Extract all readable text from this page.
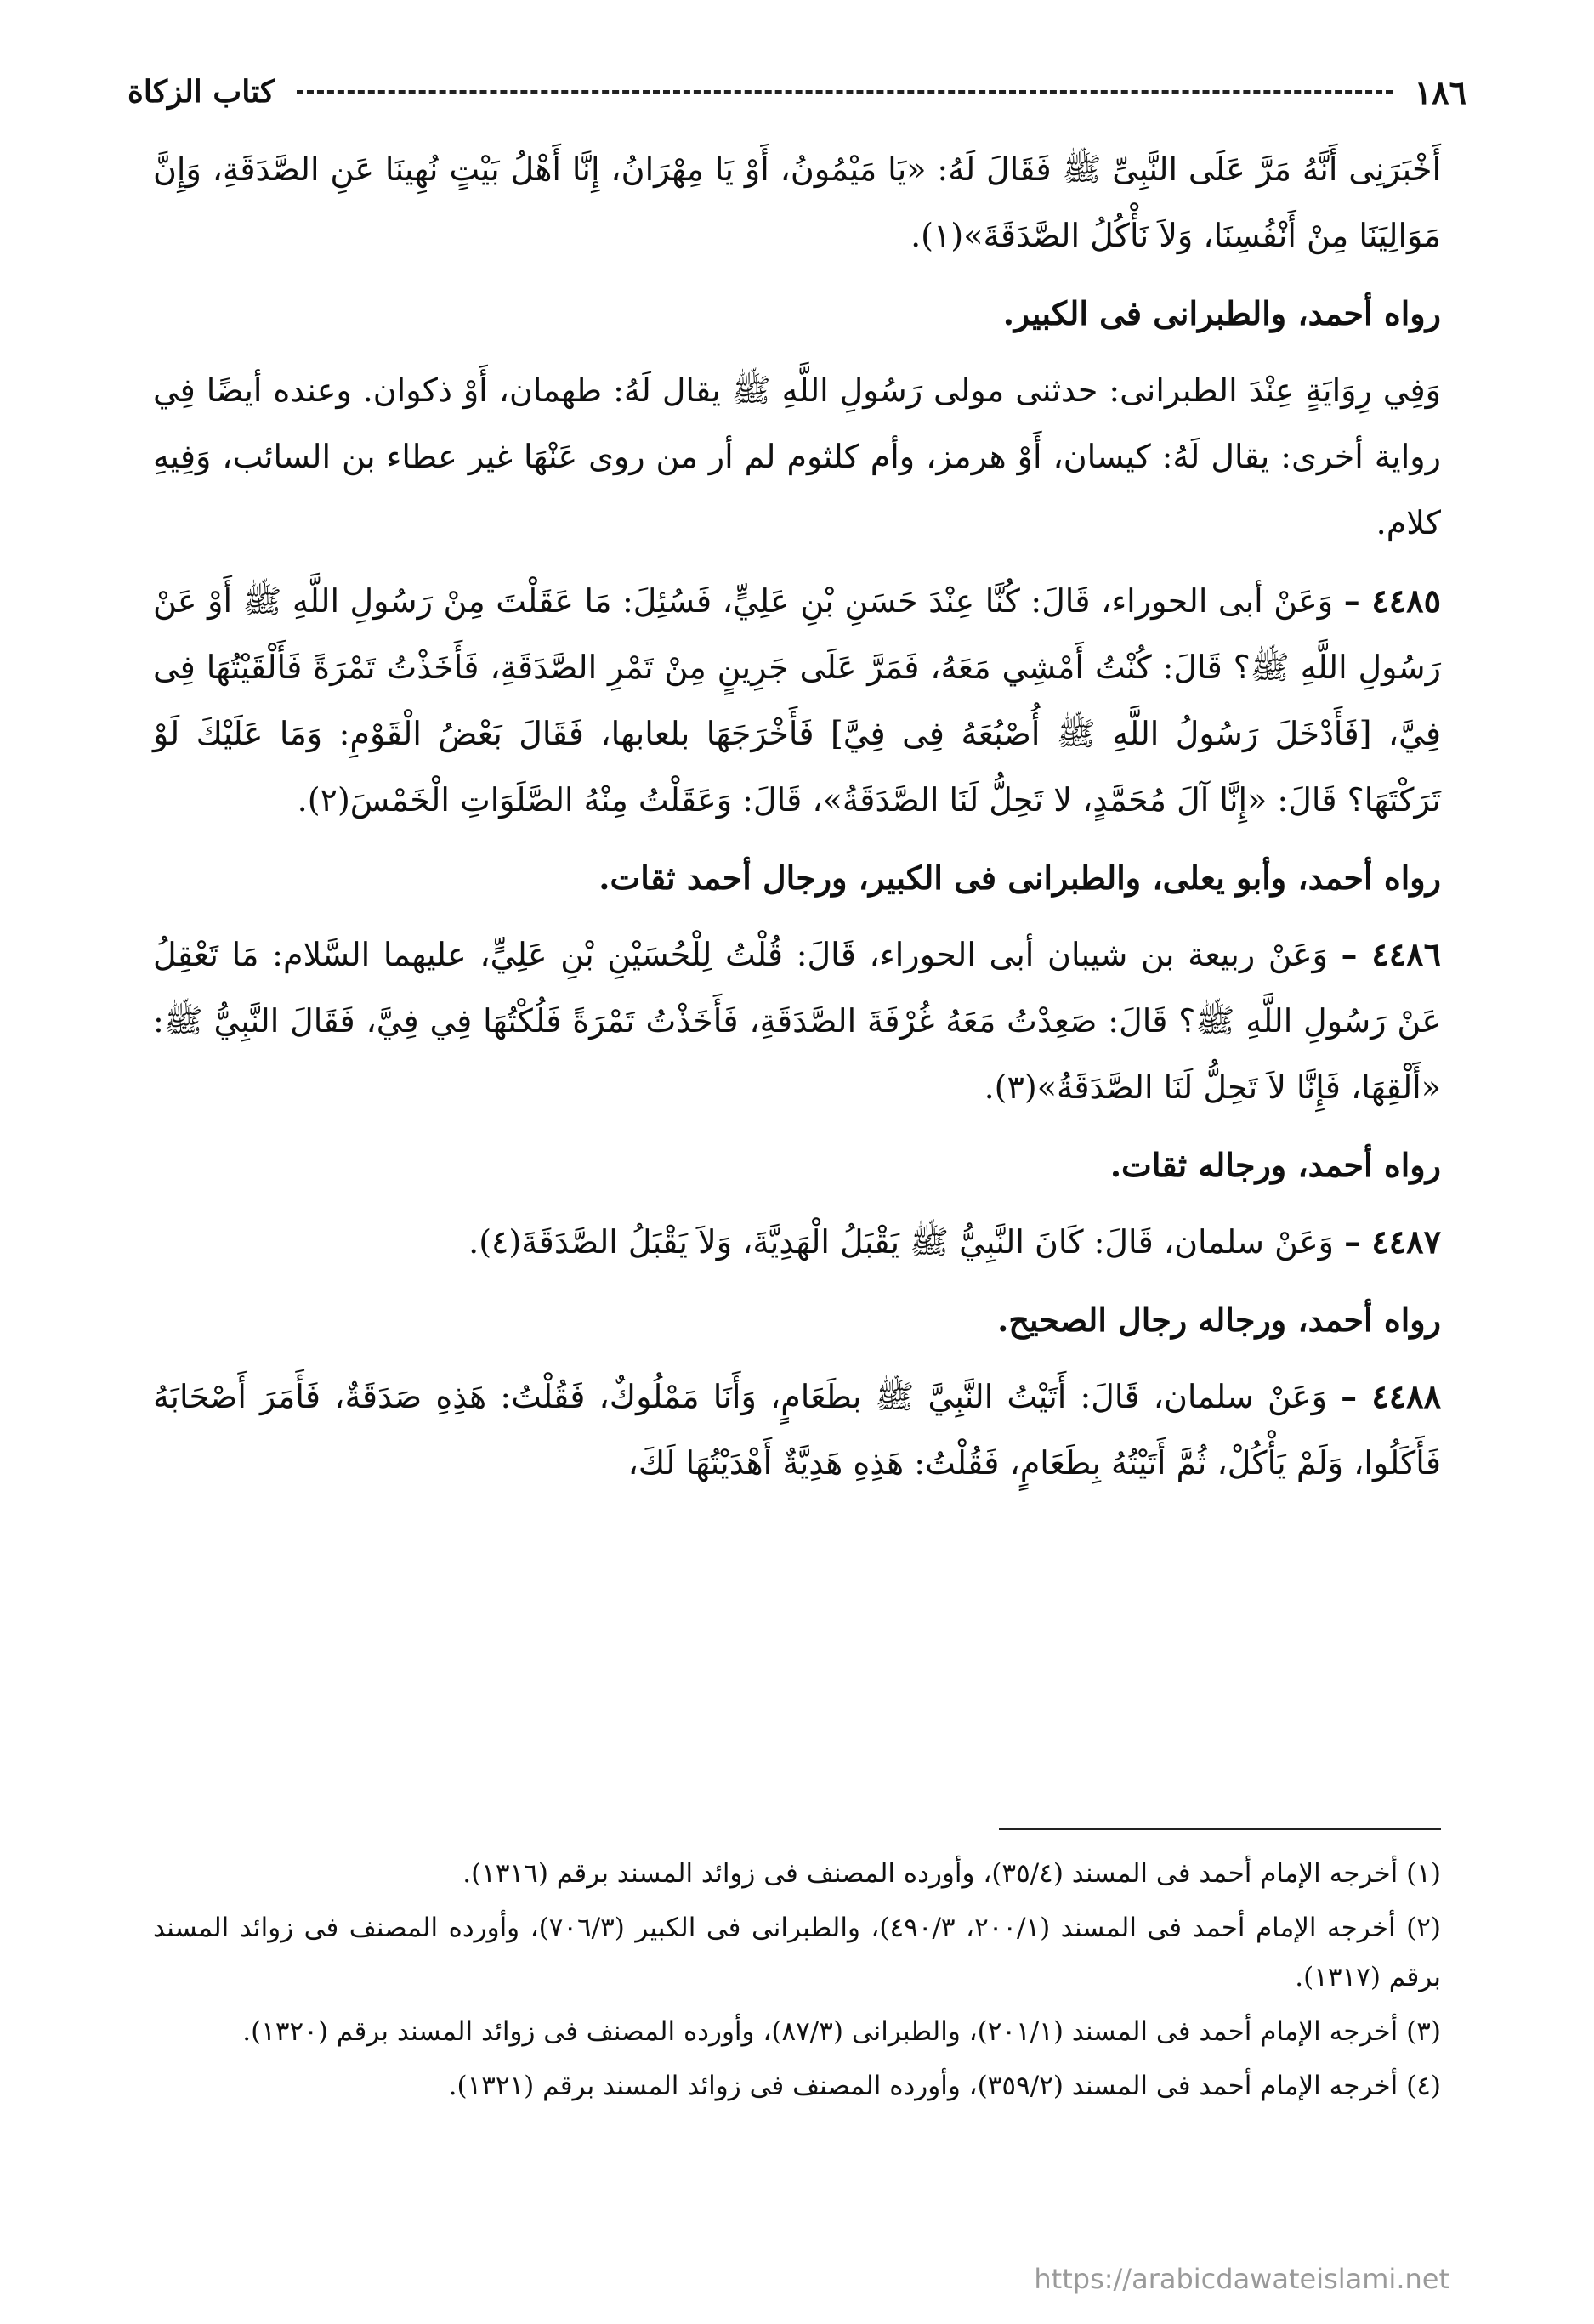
١٨٦
كتاب الزكاة

أَخْبَرَنِى أَنَّهُ مَرَّ عَلَى النَّبِىِّ ﷺ فَقَالَ لَهُ: «يَا مَيْمُونُ، أَوْ يَا مِهْرَانُ، إِنَّا أَهْلُ بَيْتٍ نُهِينَا عَنِ الصَّدَقَةِ، وَإِنَّ مَوَالِيَنَا مِنْ أَنْفُسِنَا، وَلاَ نَأْكُلُ الصَّدَقَةَ»(١).

رواه أحمد، والطبرانى فى الكبير.

وَفِي رِوَايَةٍ عِنْدَ الطبرانى: حدثنى مولى رَسُولِ اللَّهِ ﷺ يقال لَهُ: طهمان، أَوْ ذكوان. وعنده أيضًا فِي رواية أخرى: يقال لَهُ: كيسان، أَوْ هرمز، وأم كلثوم لم أر من روى عَنْهَا غير عطاء بن السائب، وَفِيهِ كلام.

٤٤٨٥ – وَعَنْ أبى الحوراء، قَالَ: كُنَّا عِنْدَ حَسَنِ بْنِ عَلِيٍّ، فَسُئِلَ: مَا عَقَلْتَ مِنْ رَسُولِ اللَّهِ ﷺ أَوْ عَنْ رَسُولِ اللَّهِ ﷺ؟ قَالَ: كُنْتُ أَمْشِي مَعَهُ، فَمَرَّ عَلَى جَرِينٍ مِنْ تَمْرِ الصَّدَقَةِ، فَأَخَذْتُ تَمْرَةً فَأَلْقَيْتُهَا فِى فِيَّ، [فَأَدْخَلَ رَسُولُ اللَّهِ ﷺ أُصْبُعَهُ فِى فِيَّ] فَأَخْرَجَهَا بلعابها، فَقَالَ بَعْضُ الْقَوْمِ: وَمَا عَلَيْكَ لَوْ تَرَكْتَهَا؟ قَالَ: «إِنَّا آلَ مُحَمَّدٍ، لا تَحِلُّ لَنَا الصَّدَقَةُ»، قَالَ: وَعَقَلْتُ مِنْهُ الصَّلَوَاتِ الْخَمْسَ(٢).

رواه أحمد، وأبو يعلى، والطبرانى فى الكبير، ورجال أحمد ثقات.

٤٤٨٦ – وَعَنْ ربيعة بن شيبان أبى الحوراء، قَالَ: قُلْتُ لِلْحُسَيْنِ بْنِ عَلِيٍّ، عليهما السَّلام: مَا تَعْقِلُ عَنْ رَسُولِ اللَّهِ ﷺ؟ قَالَ: صَعِدْتُ مَعَهُ غُرْفَةَ الصَّدَقَةِ، فَأَخَذْتُ تَمْرَةً فَلُكْتُهَا فِي فِيَّ، فَقَالَ النَّبِيُّ ﷺ: «أَلْقِهَا، فَإِنَّا لاَ تَحِلُّ لَنَا الصَّدَقَةُ»(٣).

رواه أحمد، ورجاله ثقات.

٤٤٨٧ – وَعَنْ سلمان، قَالَ: كَانَ النَّبِيُّ ﷺ يَقْبَلُ الْهَدِيَّةَ، وَلاَ يَقْبَلُ الصَّدَقَةَ(٤).

رواه أحمد، ورجاله رجال الصحيح.

٤٤٨٨ – وَعَنْ سلمان، قَالَ: أَتَيْتُ النَّبِيَّ ﷺ بطَعَامٍ، وَأَنَا مَمْلُوكٌ، فَقُلْتُ: هَذِهِ صَدَقَةٌ، فَأَمَرَ أَصْحَابَهُ فَأَكَلُوا، وَلَمْ يَأْكُلْ، ثُمَّ أَتَيْتُهُ بِطَعَامٍ، فَقُلْتُ: هَذِهِ هَدِيَّةٌ أَهْدَيْتُهَا لَكَ،

(١) أخرجه الإمام أحمد فى المسند (٣٥/٤)، وأورده المصنف فى زوائد المسند برقم (١٣١٦).

(٢) أخرجه الإمام أحمد فى المسند (٢٠٠/١، ٤٩٠/٣)، والطبرانى فى الكبير (٧٠٦/٣)، وأورده المصنف فى زوائد المسند برقم (١٣١٧).

(٣) أخرجه الإمام أحمد فى المسند (٢٠١/١)، والطبرانى (٨٧/٣)، وأورده المصنف فى زوائد المسند برقم (١٣٢٠).

(٤) أخرجه الإمام أحمد فى المسند (٣٥٩/٢)، وأورده المصنف فى زوائد المسند برقم (١٣٢١).

https://arabicdawateislami.net
